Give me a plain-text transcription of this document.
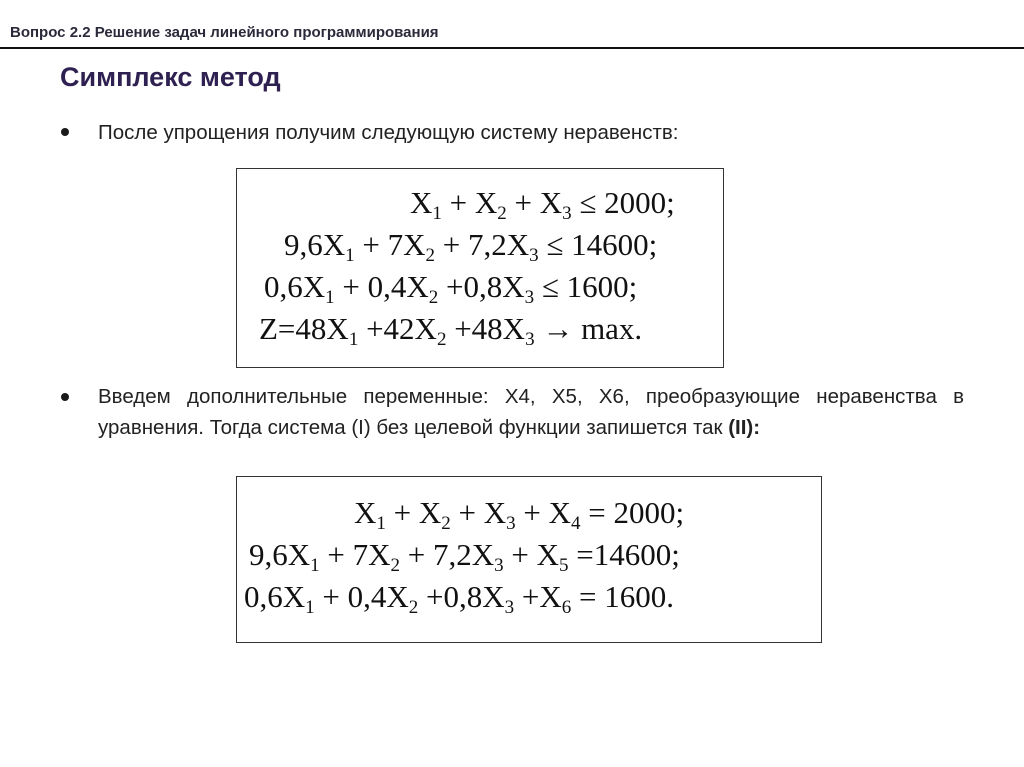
Вопрос 2.2 Решение задач линейного программирования
Симплекс метод
После упрощения получим следующую систему неравенств:
$X_1 + X_2 + X_3 \le 2000$;
$9,6X_1 + 7X_2 + 7,2X_3 \le 14600$;
$0,6X_1 + 0,4X_2 +0,8X_3 \le 1600$;
$Z=48X_1 +42X_2 +48X_3 \to \max$.
Введем дополнительные переменные: Х4, Х5, Х6, преобразующие неравенства в уравнения. Тогда система (I) без целевой функции запишется так (II):
$X_1 + X_2 + X_3 + X_4 = 2000$;
$9,6X_1 + 7X_2 + 7,2X_3 + X_5 =14600$;
$0,6X_1 + 0,4X_2 +0,8X_3 +X_6 = 1600$.
